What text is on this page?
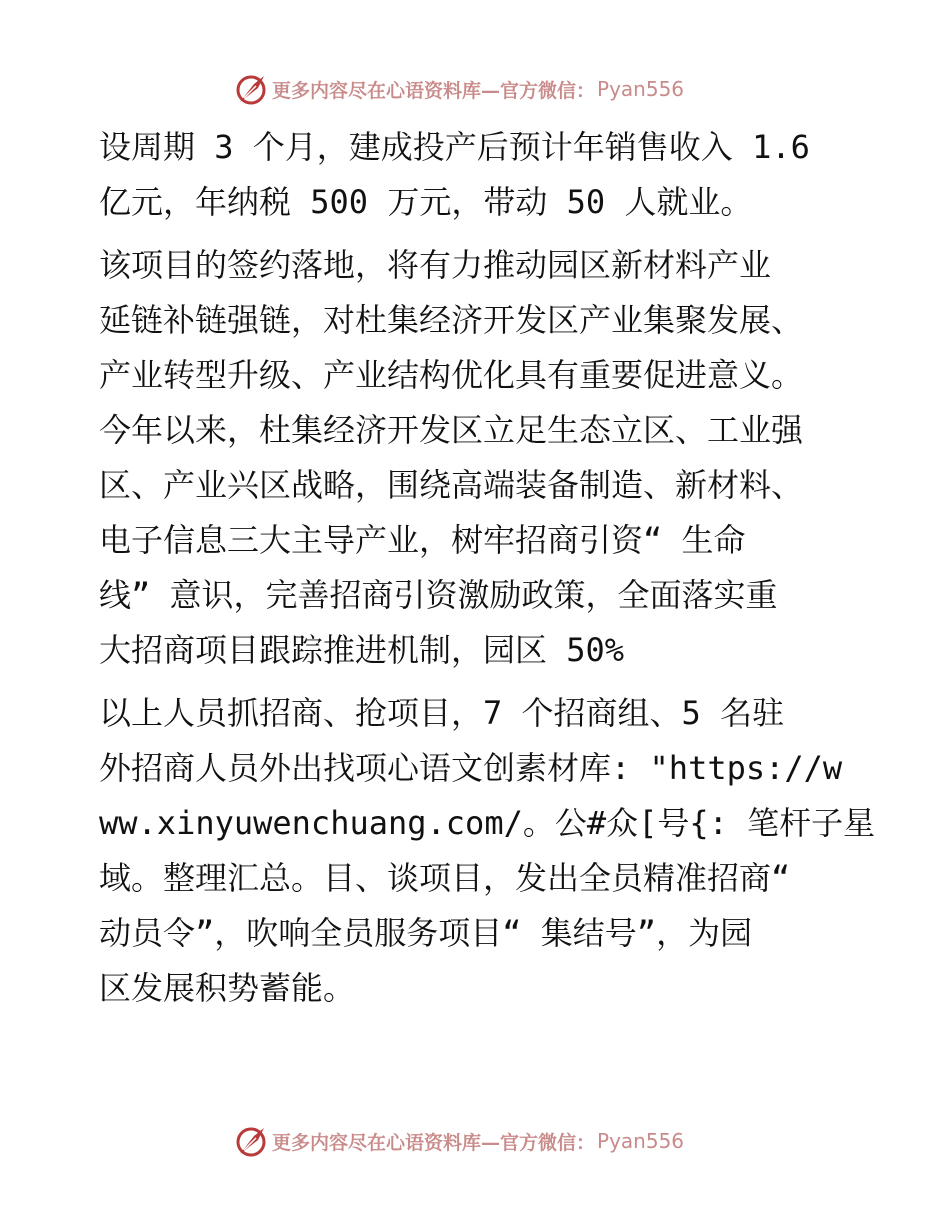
更多内容尽在心语资料库—官方微信： Pyan556
设周期 3 个月，建成投产后预计年销售收入 1.6
亿元，年纳税 500 万元，带动 50 人就业。
该项目的签约落地，将有力推动园区新材料产业
延链补链强链，对杜集经济开发区产业集聚发展、
产业转型升级、产业结构优化具有重要促进意义。
今年以来，杜集经济开发区立足生态立区、工业强
区、产业兴区战略，围绕高端装备制造、新材料、
电子信息三大主导产业，树牢招商引资“ 生命
线” 意识，完善招商引资激励政策，全面落实重
大招商项目跟踪推进机制，园区 50%
以上人员抓招商、抢项目，7 个招商组、5 名驻
外招商人员外出找项心语文创素材库: "https://w
ww.xinyuwenchuang.com/。公#众[号{: 笔杆子星
域。整理汇总。目、谈项目，发出全员精准招商“
动员令”，吹响全员服务项目“ 集结号”，为园
区发展积势蓄能。
更多内容尽在心语资料库—官方微信： Pyan556
